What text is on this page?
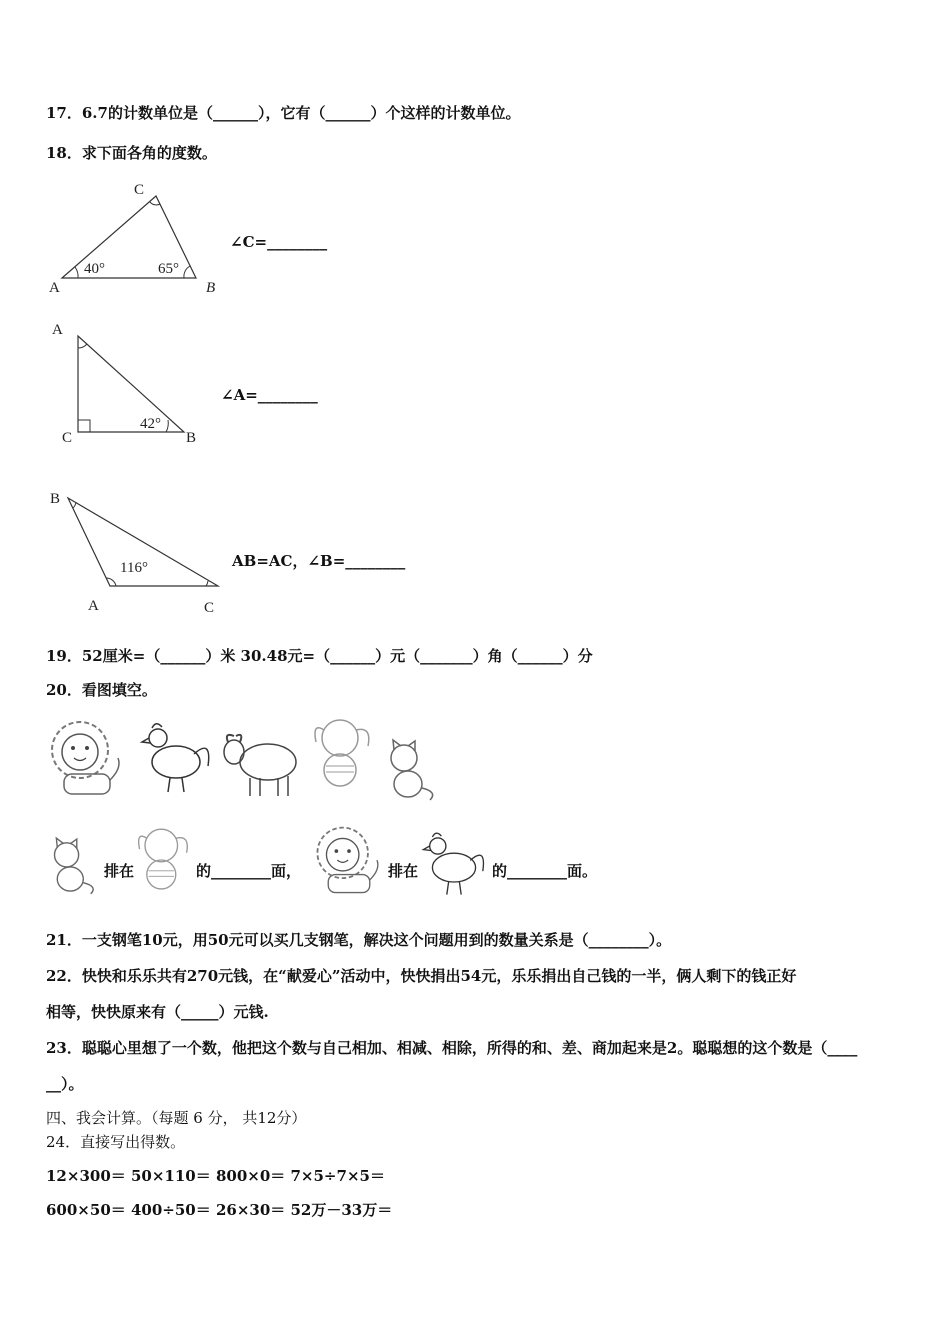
17．6.7的计数单位是（______），它有（______）个这样的计数单位。
18．求下面各角的度数。
A	B
C
40°	65°
∠C=________
A
B
C
42°
∠A=________
B
A	C
116°	AB=AC，∠B=________
19．52厘米=（______）米 30.48元=（______）元（_______）角（______）分
20．看图填空。
排在	的________面，	排在	的________面。
21．一支钢笔10元，用50元可以买几支钢笔，解决这个问题用到的数量关系是（________）。
22．快快和乐乐共有270元钱，在“献爱心”活动中，快快捐出54元，乐乐捐出自己钱的一半，俩人剩下的钱正好
相等，快快原来有（_____）元钱.
23．聪聪心里想了一个数，他把这个数与自己相加、相减、相除，所得的和、差、商加起来是2。聪聪想的这个数是（____
__）。
四、我会计算。（每题 6 分， 共12分）
24．直接写出得数。
12×300＝ 50×110＝ 800×0＝ 7×5÷7×5＝
600×50＝ 400÷50＝ 26×30＝ 52万－33万＝
